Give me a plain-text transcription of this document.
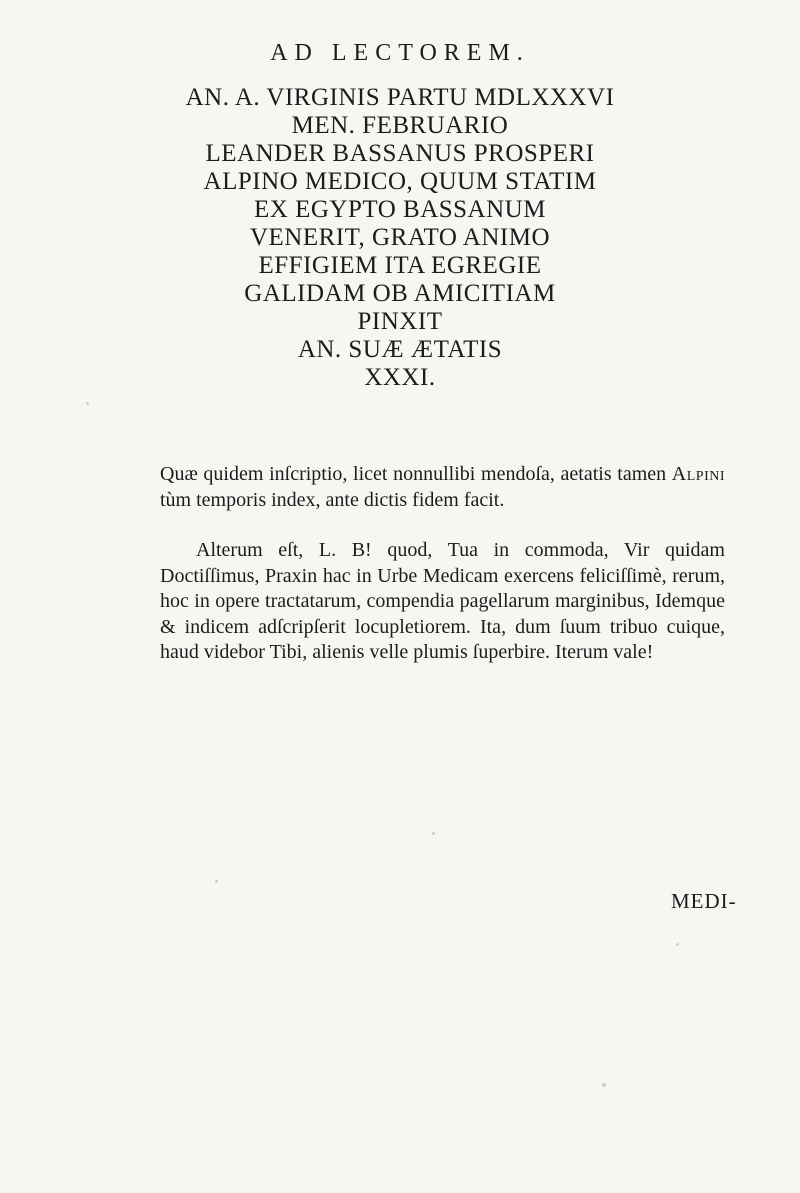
AD LECTOREM.
AN. A. VIRGINIS PARTU MDLXXXVI
MEN. FEBRUARIO
LEANDER BASSANUS PROSPERI
ALPINO MEDICO, QUUM STATIM
EX EGYPTO BASSANUM
VENERIT, GRATO ANIMO
EFFIGIEM ITA EGREGIE
GALIDAM OB AMICITIAM
PINXIT
AN. SUÆ ÆTATIS
XXXI.
Quæ quidem inſcriptio, licet nonnullibi mendoſa, aetatis tamen Alpini tùm temporis index, ante dictis fidem facit.
Alterum eſt, L. B! quod, Tua in commoda, Vir quidam Doctiſſimus, Praxin hac in Urbe Medicam exercens feliciſſimè, rerum, hoc in opere tractatarum, compendia pagellarum marginibus, Idemque & indicem adſcripſerit locupletiorem. Ita, dum ſuum tribuo cuique, haud videbor Tibi, alienis velle plumis ſuperbire. Iterum vale!
MEDI-
